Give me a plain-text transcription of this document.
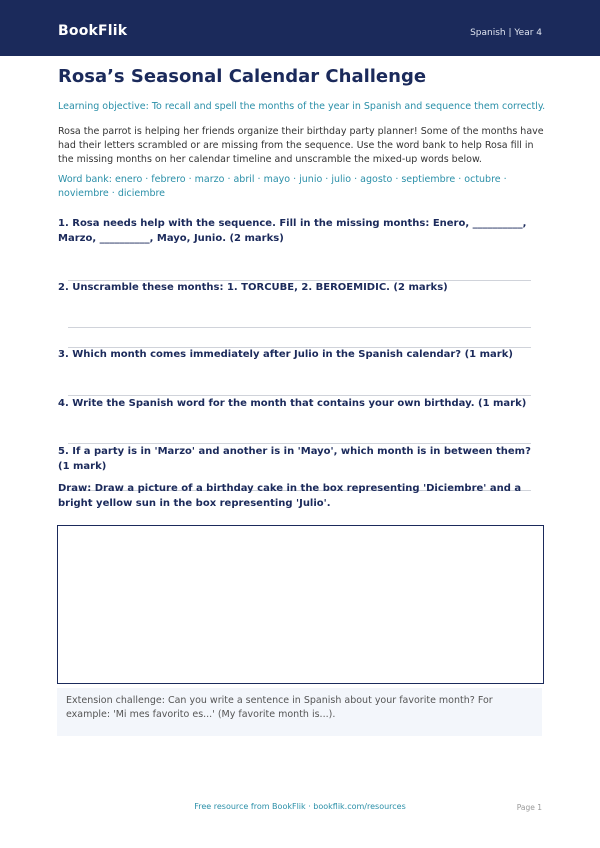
BookFlik	Spanish | Year 4
Rosa’s Seasonal Calendar Challenge
Learning objective: To recall and spell the months of the year in Spanish and sequence them correctly.
Rosa the parrot is helping her friends organize their birthday party planner! Some of the months have had their letters scrambled or are missing from the sequence. Use the word bank to help Rosa fill in the missing months on her calendar timeline and unscramble the mixed-up words below.
Word bank: enero · febrero · marzo · abril · mayo · junio · julio · agosto · septiembre · octubre · noviembre · diciembre
1. Rosa needs help with the sequence. Fill in the missing months: Enero, __________, Marzo, __________, Mayo, Junio. (2 marks)
2. Unscramble these months: 1. TORCUBE, 2. BEROEMIDIC. (2 marks)
3. Which month comes immediately after Julio in the Spanish calendar? (1 mark)
4. Write the Spanish word for the month that contains your own birthday. (1 mark)
5. If a party is in 'Marzo' and another is in 'Mayo', which month is in between them? (1 mark)
Draw: Draw a picture of a birthday cake in the box representing 'Diciembre' and a bright yellow sun in the box representing 'Julio'.
Extension challenge: Can you write a sentence in Spanish about your favorite month? For example: 'Mi mes favorito es...' (My favorite month is...).
Free resource from BookFlik · bookflik.com/resources	Page 1
